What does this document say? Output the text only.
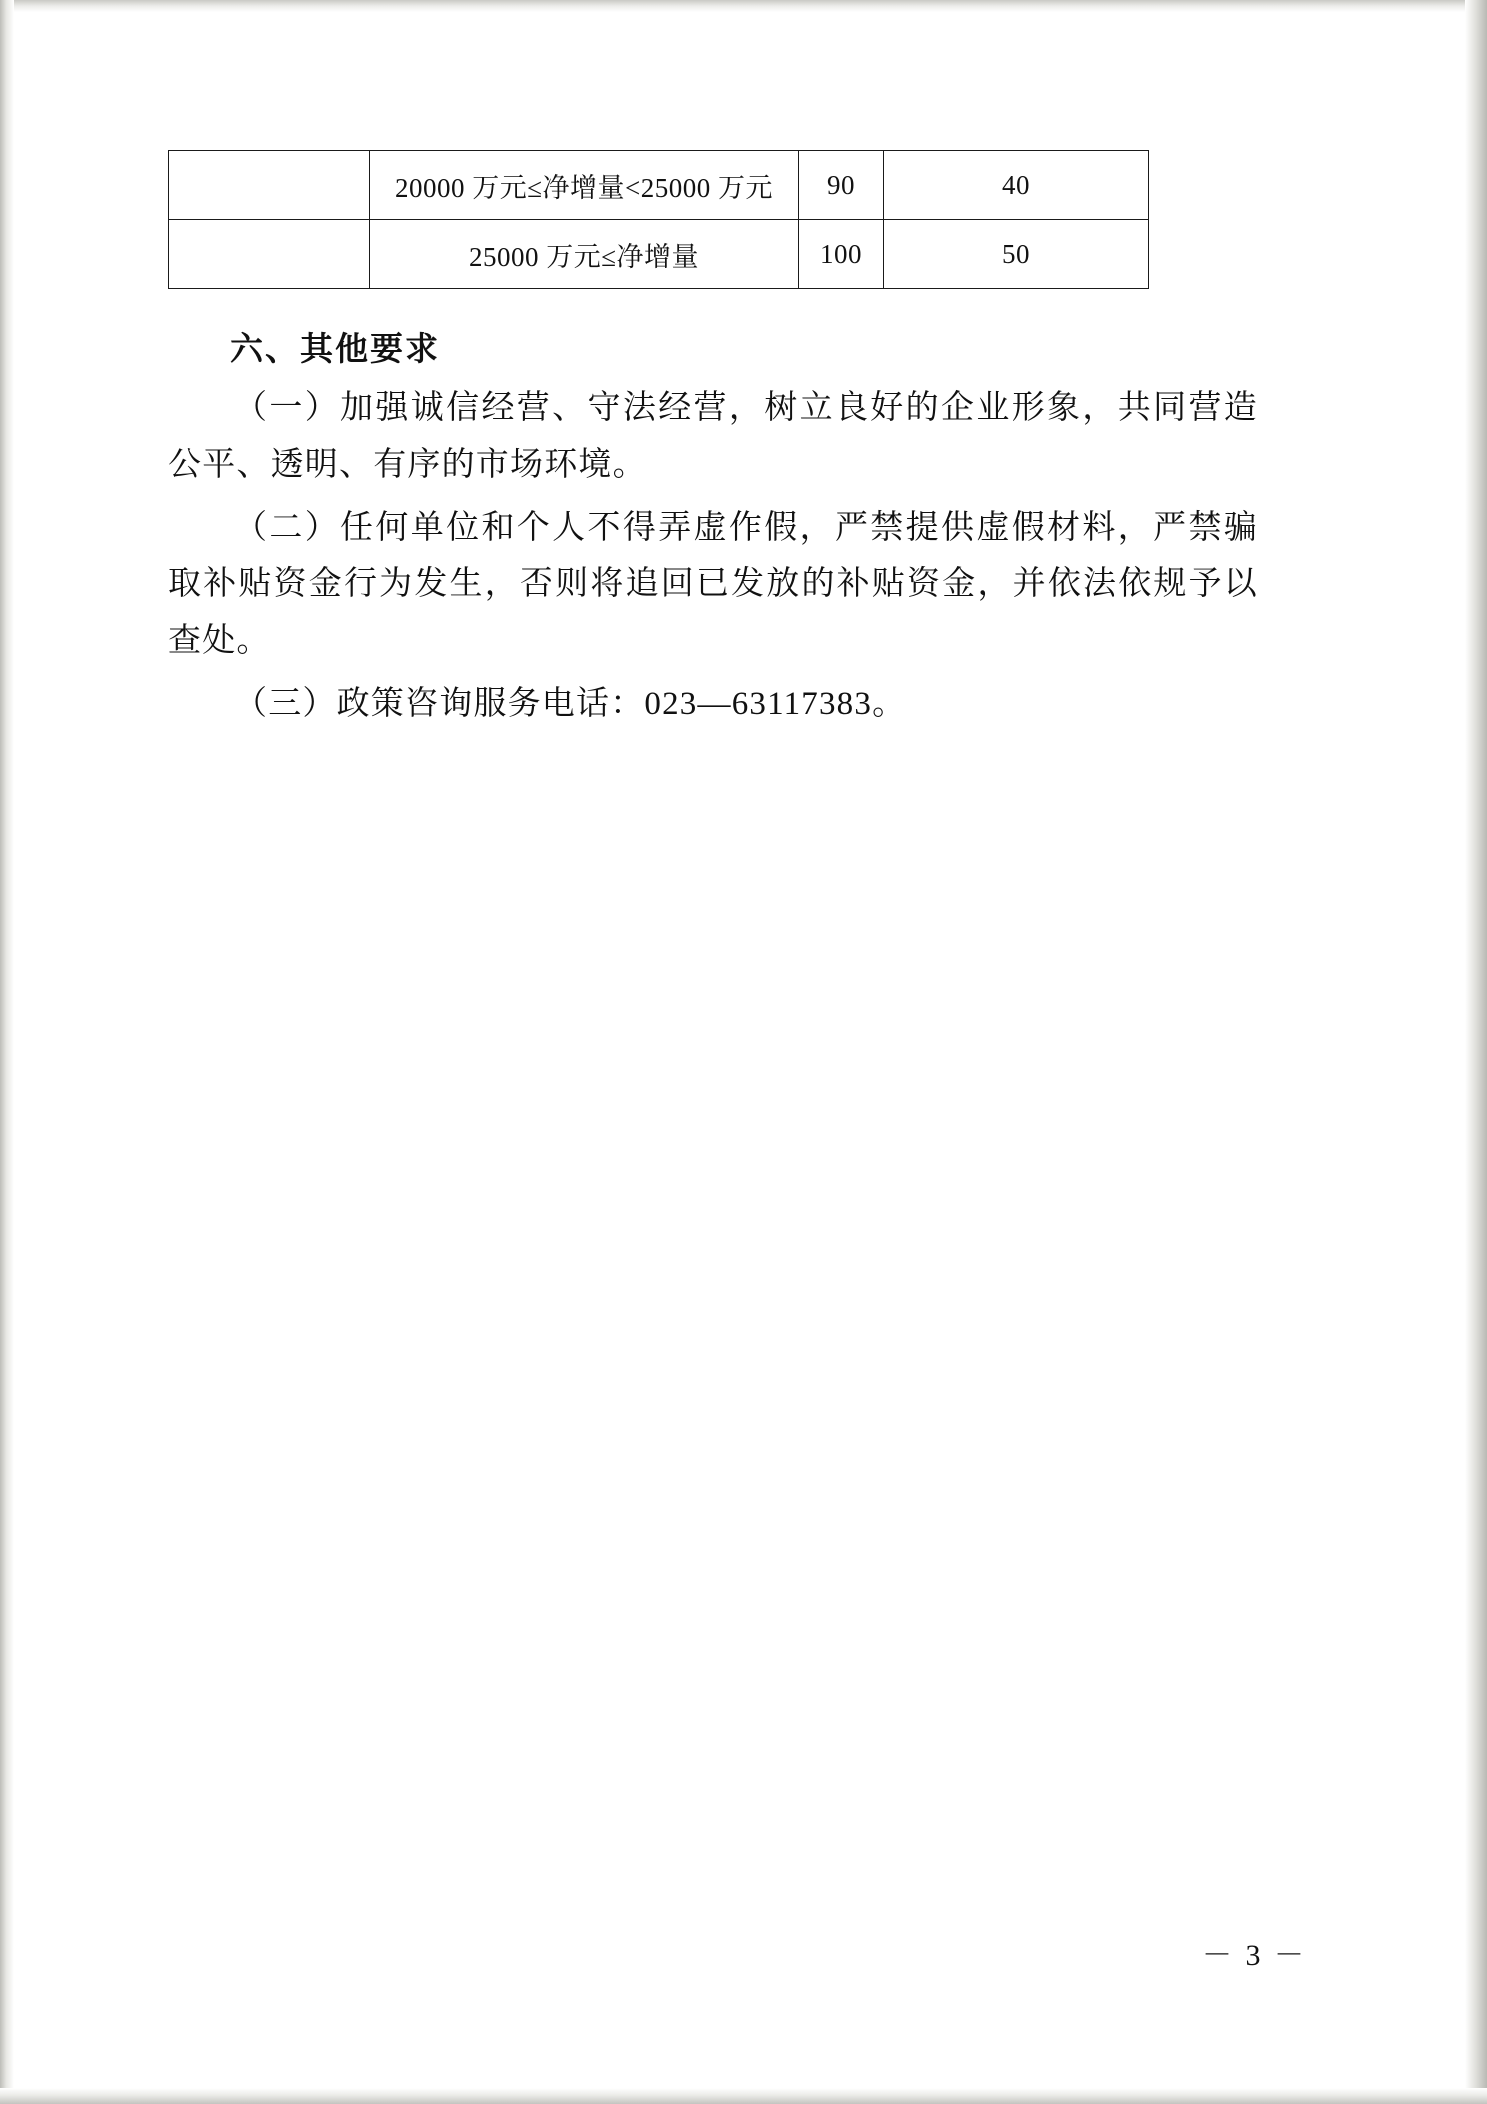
	20000 万元≤净增量<25000 万元	90	40
	25000 万元≤净增量	100	50
六、其他要求

（一）加强诚信经营、守法经营，树立良好的企业形象，共同营造公平、透明、有序的市场环境。

（二）任何单位和个人不得弄虚作假，严禁提供虚假材料，严禁骗取补贴资金行为发生，否则将追回已发放的补贴资金，并依法依规予以查处。

（三）政策咨询服务电话：023—63117383。

－ 3 －
